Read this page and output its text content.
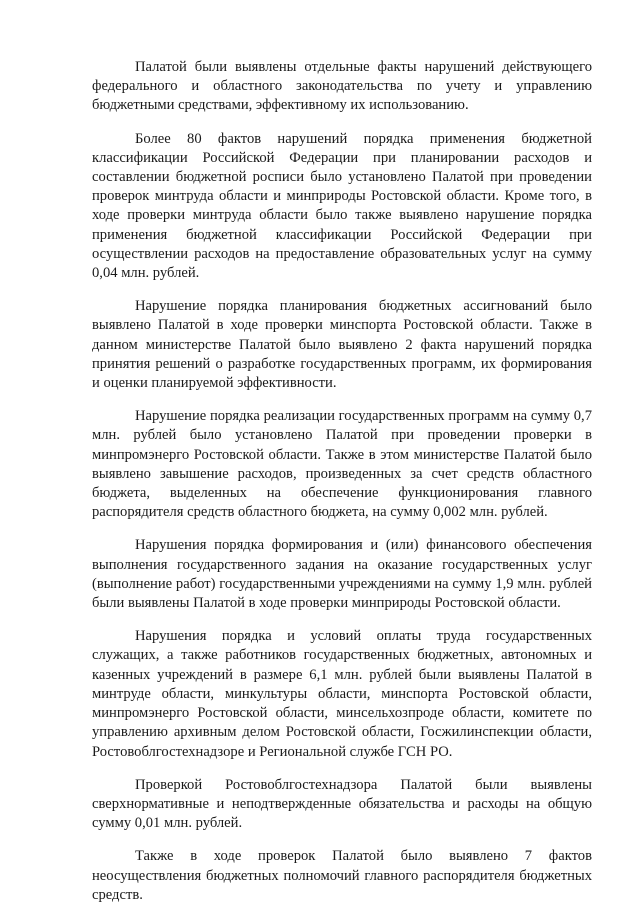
Палатой были выявлены отдельные факты нарушений действующего федерального и областного законодательства по учету и управлению бюджетными средствами, эффективному их использованию.

Более 80 фактов нарушений порядка применения бюджетной классификации Российской Федерации при планировании расходов и составлении бюджетной росписи было установлено Палатой при проведении проверок минтруда области и минприроды Ростовской области. Кроме того, в ходе проверки минтруда области было также выявлено нарушение порядка применения бюджетной классификации Российской Федерации при осуществлении расходов на предоставление образовательных услуг на сумму 0,04 млн. рублей.

Нарушение порядка планирования бюджетных ассигнований было выявлено Палатой в ходе проверки минспорта Ростовской области. Также в данном министерстве Палатой было выявлено 2 факта нарушений порядка принятия решений о разработке государственных программ, их формирования и оценки планируемой эффективности.

Нарушение порядка реализации государственных программ на сумму 0,7 млн. рублей было установлено Палатой при проведении проверки в минпромэнерго Ростовской области. Также в этом министерстве Палатой было выявлено завышение расходов, произведенных за счет средств областного бюджета, выделенных на обеспечение функционирования главного распорядителя средств областного бюджета, на сумму 0,002 млн. рублей.

Нарушения порядка формирования и (или) финансового обеспечения выполнения государственного задания на оказание государственных услуг (выполнение работ) государственными учреждениями на сумму 1,9 млн. рублей были выявлены Палатой в ходе проверки минприроды Ростовской области.

Нарушения порядка и условий оплаты труда государственных служащих, а также работников государственных бюджетных, автономных и казенных учреждений в размере 6,1 млн. рублей были выявлены Палатой в минтруде области, минкультуры области, минспорта Ростовской области, минпромэнерго Ростовской области, минсельхозпроде области, комитете по управлению архивным делом Ростовской области, Госжилинспекции области, Ростовоблгостехнадзоре и Региональной службе ГСН РО.

Проверкой Ростовоблгостехнадзора Палатой были выявлены сверхнормативные и неподтвержденные обязательства и расходы на общую сумму 0,01 млн. рублей.

Также в ходе проверок Палатой было выявлено 7 фактов неосуществления бюджетных полномочий главного распорядителя бюджетных средств.
